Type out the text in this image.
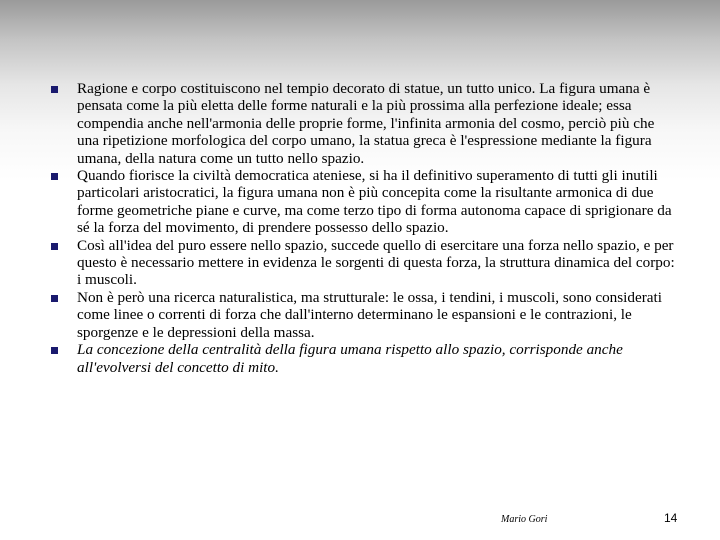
Ragione e corpo costituiscono nel tempio decorato di statue, un tutto unico. La figura umana è pensata come la più eletta delle forme naturali e la più prossima alla perfezione ideale; essa compendia anche nell'armonia delle proprie forme, l'infinita armonia del cosmo, perciò più che una ripetizione morfologica del corpo umano, la statua greca è l'espressione mediante la figura umana, della natura come un tutto nello spazio.
Quando fiorisce la civiltà democratica ateniese, si ha il definitivo superamento di tutti gli inutili particolari aristocratici, la figura umana non è più concepita come la risultante armonica di due forme geometriche piane e curve, ma come terzo tipo di forma autonoma capace di sprigionare da sé la forza del movimento, di prendere possesso dello spazio.
Così all'idea del puro essere nello spazio, succede quello di esercitare una forza nello spazio, e per questo è necessario mettere in evidenza le sorgenti di questa forza, la struttura dinamica del corpo: i muscoli.
Non è però una ricerca naturalistica, ma strutturale: le ossa, i tendini, i muscoli, sono considerati come linee o correnti di forza che dall'interno determinano le espansioni e le contrazioni, le sporgenze e le depressioni della massa.
La concezione della centralità della figura umana rispetto allo spazio, corrisponde anche all'evolversi del concetto di mito.
Mario Gori	14
